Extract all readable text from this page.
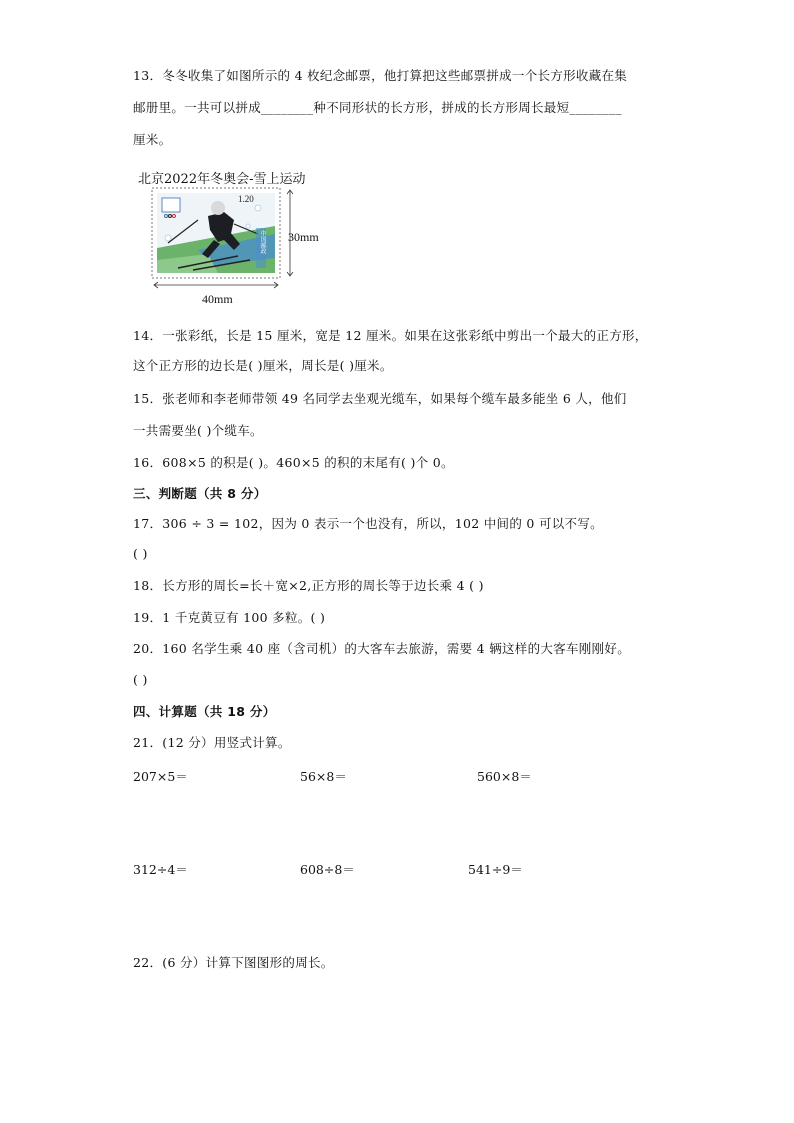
13．冬冬收集了如图所示的 4 枚纪念邮票，他打算把这些邮票拼成一个长方形收藏在集
邮册里。一共可以拼成________种不同形状的长方形，拼成的长方形周长最短________
厘米。
北京2022年冬奥会-雪上运动
1.20
中国邮政 30mm
40mm
14．一张彩纸，长是 15 厘米，宽是 12 厘米。如果在这张彩纸中剪出一个最大的正方形，
这个正方形的边长是( )厘米，周长是( )厘米。
15．张老师和李老师带领 49 名同学去坐观光缆车，如果每个缆车最多能坐 6 人，他们
一共需要坐( )个缆车。
16．608×5 的积是( )。460×5 的积的末尾有( )个 0。
三、判断题（共 8 分）
17．306 ÷ 3 = 102，因为 0 表示一个也没有，所以，102 中间的 0 可以不写。
( )
18．长方形的周长=长＋宽×2,正方形的周长等于边长乘 4 ( )
19．1 千克黄豆有 100 多粒。( )
20．160 名学生乘 40 座（含司机）的大客车去旅游，需要 4 辆这样的大客车刚刚好。
( )
四、计算题（共 18 分）
21．(12 分）用竖式计算。
207×5＝	56×8＝	560×8＝
312÷4＝	608÷8＝	541÷9＝
22．(6 分）计算下图图形的周长。
